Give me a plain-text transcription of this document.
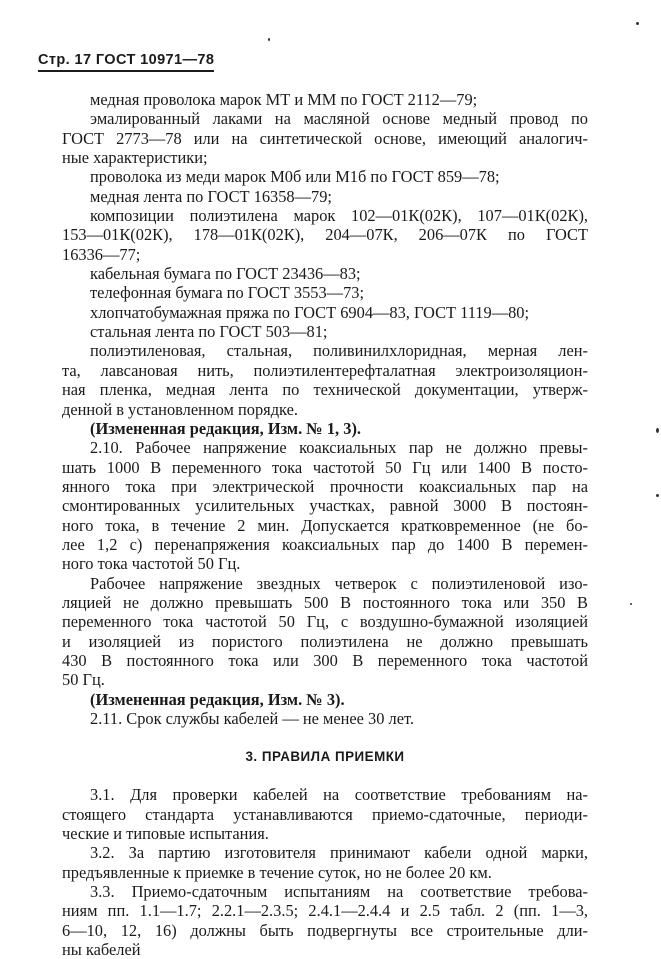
Стр. 17 ГОСТ 10971—78
медная проволока марок МТ и ММ по ГОСТ 2112—79;
эмалированный лаками на масляной основе медный провод по
ГОСТ 2773—78 или на синтетической основе, имеющий аналогич-
ные характеристики;
проволока из меди марок М0б или М1б по ГОСТ 859—78;
медная лента по ГОСТ 16358—79;
композиции полиэтилена марок 102—01К(02К), 107—01К(02К),
153—01К(02К), 178—01К(02К), 204—07К, 206—07К по ГОСТ
16336—77;
кабельная бумага по ГОСТ 23436—83;
телефонная бумага по ГОСТ 3553—73;
хлопчатобумажная пряжа по ГОСТ 6904—83, ГОСТ 1119—80;
стальная лента по ГОСТ 503—81;
полиэтиленовая, стальная, поливинилхлоридная, мерная лен-
та, лавсановая нить, полиэтилентерефталатная электроизоляцион-
ная пленка, медная лента по технической документации, утверж-
денной в установленном порядке.
(Измененная редакция, Изм. № 1, 3).
2.10. Рабочее напряжение коаксиальных пар не должно превы-
шать 1000 В переменного тока частотой 50 Гц или 1400 В посто-
янного тока при электрической прочности коаксиальных пар на
смонтированных усилительных участках, равной 3000 В постоян-
ного тока, в течение 2 мин. Допускается кратковременное (не бо-
лее 1,2 с) перенапряжения коаксиальных пар до 1400 В перемен-
ного тока частотой 50 Гц.
Рабочее напряжение звездных четверок с полиэтиленовой изо-
ляцией не должно превышать 500 В постоянного тока или 350 В
переменного тока частотой 50 Гц, с воздушно-бумажной изоляцией
и изоляцией из пористого полиэтилена не должно превышать
430 В постоянного тока или 300 В переменного тока частотой
50 Гц.
(Измененная редакция, Изм. № 3).
2.11. Срок службы кабелей — не менее 30 лет.
3. ПРАВИЛА ПРИЕМКИ
3.1. Для проверки кабелей на соответствие требованиям на-
стоящего стандарта устанавливаются приемо-сдаточные, периоди-
ческие и типовые испытания.
3.2. За партию изготовителя принимают кабели одной марки,
предъявленные к приемке в течение суток, но не более 20 км.
3.3. Приемо-сдаточным испытаниям на соответствие требова-
ниям пп. 1.1—1.7; 2.2.1—2.3.5; 2.4.1—2.4.4 и 2.5 табл. 2 (пп. 1—3,
6—10, 12, 16) должны быть подвергнуты все строительные дли-
ны кабелей
